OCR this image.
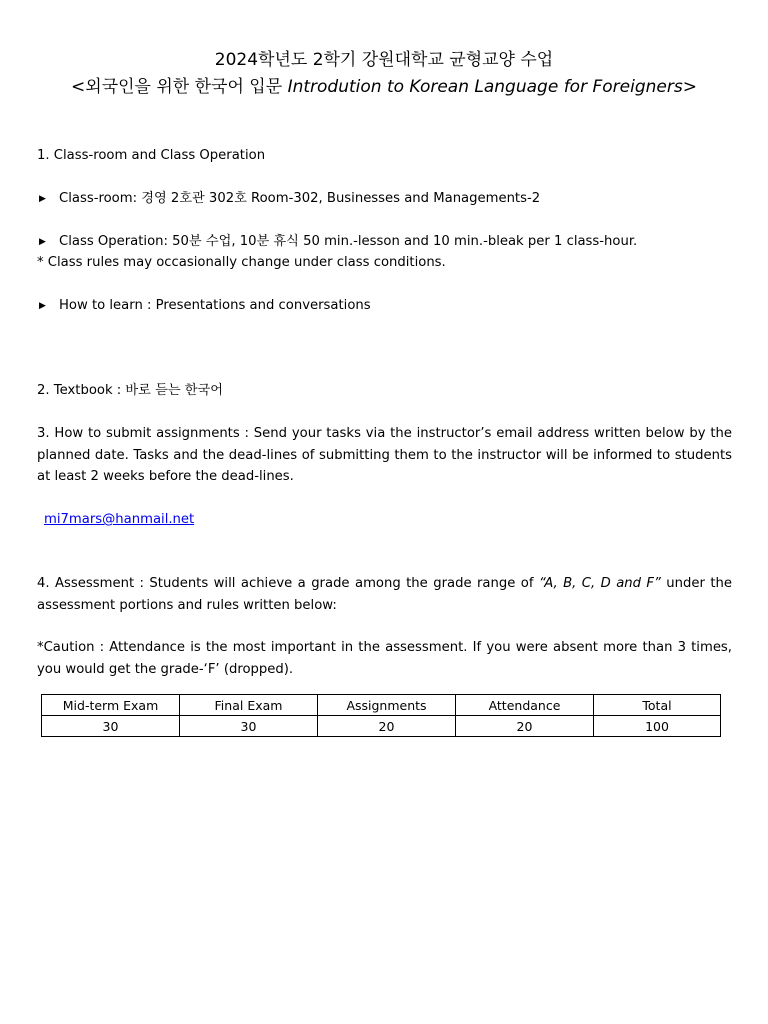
2024학년도 2학기 강원대학교 균형교양 수업
<외국인을 위한 한국어 입문 Introdution to Korean Language for Foreigners>

1. Class-room and Class Operation

▶ Class-room: 경영 2호관 302호 Room-302, Businesses and Managements-2

▶ Class Operation: 50분 수업, 10분 휴식 50 min.-lesson and 10 min.-bleak per 1 class-hour.

* Class rules may occasionally change under class conditions.

▶ How to learn : Presentations and conversations

2. Textbook : 바로 듣는 한국어

3. How to submit assignments : Send your tasks via the instructor’s email address written below by the planned date. Tasks and the dead-lines of submitting them to the instructor will be informed to students at least 2 weeks before the dead-lines.

mi7mars@hanmail.net

4. Assessment : Students will achieve a grade among the grade range of “A, B, C, D and F” under the assessment portions and rules written below:

*Caution : Attendance is the most important in the assessment. If you were absent more than 3 times, you would get the grade-‘F’ (dropped).

Mid-term Exam	Final Exam	Assignments	Attendance	Total
30	30	20	20	100
